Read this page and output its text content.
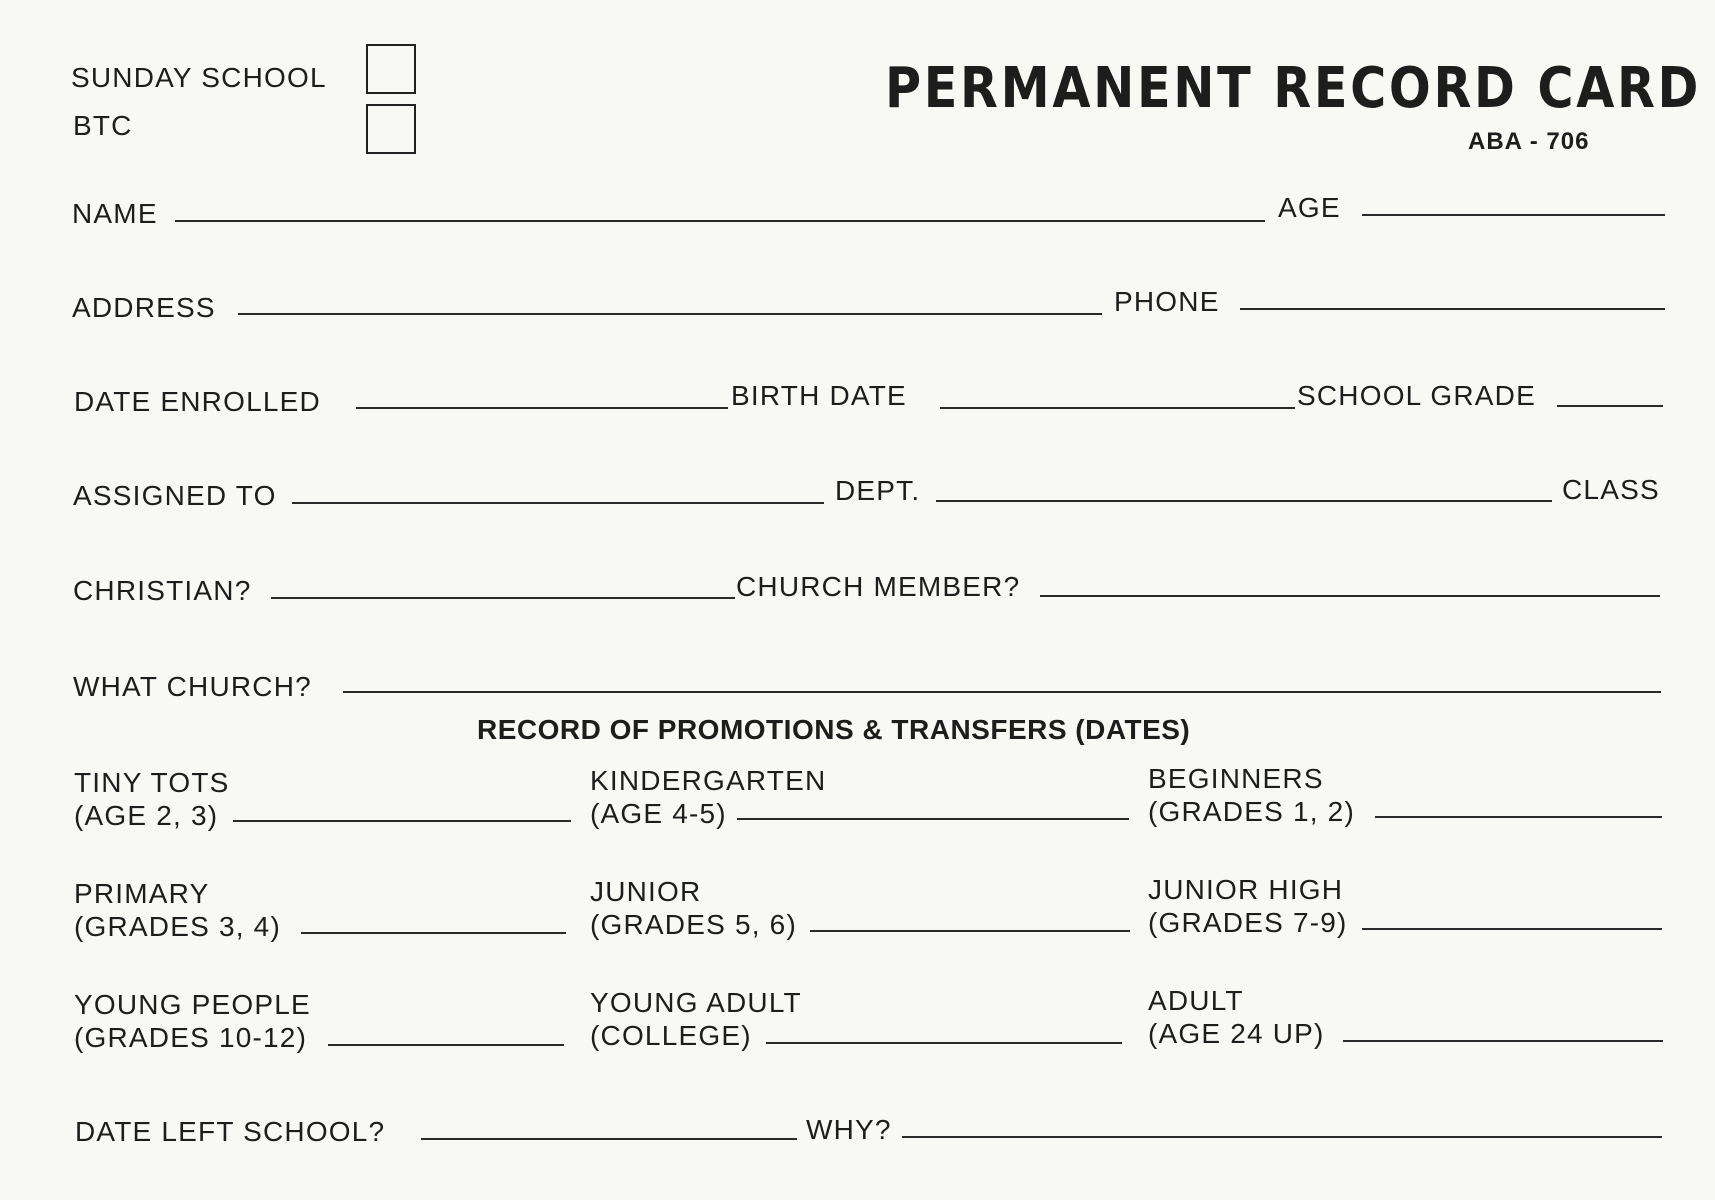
SUNDAY SCHOOL
BTC
PERMANENT RECORD CARD
ABA - 706
NAME	AGE
ADDRESS	PHONE
DATE ENROLLED	BIRTH DATE	SCHOOL GRADE
ASSIGNED TO	DEPT.	CLASS
CHRISTIAN?	CHURCH MEMBER?
WHAT CHURCH?
RECORD OF PROMOTIONS & TRANSFERS (DATES)
TINY TOTS
(AGE 2, 3)
KINDERGARTEN
(AGE 4-5)
BEGINNERS
(GRADES 1, 2)
PRIMARY
(GRADES 3, 4)
JUNIOR
(GRADES 5, 6)
JUNIOR HIGH
(GRADES 7-9)
YOUNG PEOPLE
(GRADES 10-12)
YOUNG ADULT
(COLLEGE)
ADULT
(AGE 24 UP)
DATE LEFT SCHOOL?	WHY?
